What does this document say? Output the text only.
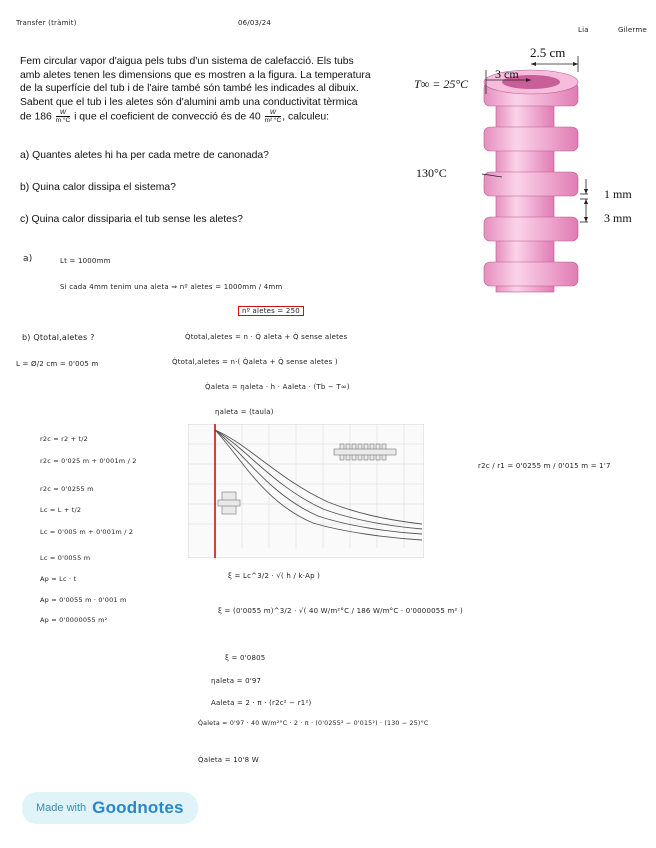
Transfer (tràmit)	06/03/24
Lia	Gilerme
Fem circular vapor d'aigua pels tubs d'un sistema de calefacció. Els tubs
amb aletes tenen les dimensions que es mostren a la figura. La temperatura
de la superfície del tub i de l'aire també són també les indicades al dibuix.
Sabent que el tub i les aletes són d'alumini amb una conductivitat tèrmica
de $186 \frac{W}{m ^\circ C}$ i que el coeficient de convecció és de $40 \frac{W}{\text{m² °C}}$ , calculeu:
a) Quantes aletes hi ha per cada metre de canonada?
b) Quina calor dissipa el sistema?
c) Quina calor dissiparia el tub sense les aletes?
2.5 cm
3 cm
T∞ = 25°C
130°C
1 mm
3 mm
a)	Lt = 1000mm
Si cada 4mm tenim una aleta ⇒ nº aletes = 1000mm / 4mm
nº aletes = 250
b) Qtotal,aletes ?	Q̇total,aletes = n · Q̇ aleta + Q̇ sense aletes
L = Ø/2 cm = 0'005 m	Q̇total,aletes = n·( Q̇aleta + Q̇ sense aletes )
Q̇aleta = ηaleta · h · Aaleta · (Tb − T∞)
ηaleta = (taula)
r2c = r2 + t/2
r2c = 0'025 m + 0'001m / 2
r2c = 0'0255 m
Lc = L + t/2
Lc = 0'005 m + 0'001m / 2
Lc = 0'0055 m
Ap = Lc · t
Ap = 0'0055 m · 0'001 m
Ap = 0'0000055 m²
r2c / r1 = 0'0255 m / 0'015 m = 1'7
ξ = Lc^3/2 · √( h / k·Ap )
ξ = (0'0055 m)^3/2 · √( 40 W/m²°C / 186 W/m°C · 0'0000055 m² )
ξ = 0'0805
ηaleta = 0'97
Aaleta = 2 · π · (r2c² − r1²)
Q̇aleta = 0'97 · 40 W/m²°C · 2 · π · (0'0255² − 0'015²) · (130 − 25)°C
Q̇aleta = 10'8 W
Made with Goodnotes
